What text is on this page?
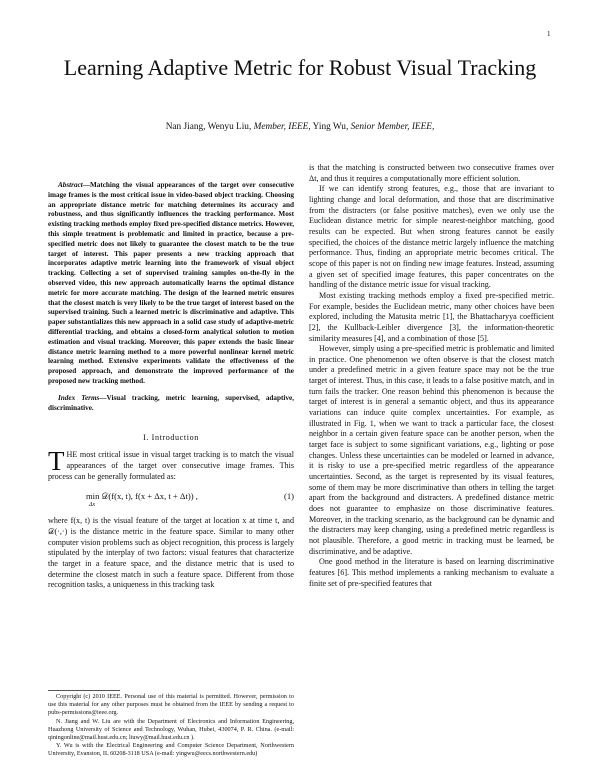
1
Learning Adaptive Metric for Robust Visual Tracking
Nan Jiang, Wenyu Liu, Member, IEEE, Ying Wu, Senior Member, IEEE,

Abstract—Matching the visual appearances of the target over consecutive image frames is the most critical issue in video-based object tracking. Choosing an appropriate distance metric for matching determines its accuracy and robustness, and thus significantly influences the tracking performance. Most existing tracking methods employ fixed pre-specified distance metrics. However, this simple treatment is problematic and limited in practice, because a pre-specified metric does not likely to guarantee the closest match to be the true target of interest. This paper presents a new tracking approach that incorporates adaptive metric learning into the framework of visual object tracking. Collecting a set of supervised training samples on-the-fly in the observed video, this new approach automatically learns the optimal distance metric for more accurate matching. The design of the learned metric ensures that the closest match is very likely to be the true target of interest based on the supervised training. Such a learned metric is discriminative and adaptive. This paper substantializes this new approach in a solid case study of adaptive-metric differential tracking, and obtains a closed-form analytical solution to motion estimation and visual tracking. Moreover, this paper extends the basic linear distance metric learning method to a more powerful nonlinear kernel metric learning method. Extensive experiments validate the effectiveness of the proposed approach, and demonstrate the improved performance of the proposed new tracking method.

Index Terms—Visual tracking, metric learning, supervised, adaptive, discriminative.

I. Introduction

THE most critical issue in visual target tracking is to match the visual appearances of the target over consecutive image frames. This process can be generally formulated as:

min 𝒟(f(x, t), f(x + Δx, t + Δt)) ,
Δx
(1)

where f(x, t) is the visual feature of the target at location x at time t, and 𝒟(·,·) is the distance metric in the feature space. Similar to many other computer vision problems such as object recognition, this process is largely stipulated by the interplay of two factors: visual features that characterize the target in a feature space, and the distance metric that is used to determine the closest match in such a feature space. Different from those recognition tasks, a uniqueness in this tracking task

is that the matching is constructed between two consecutive frames over Δt, and thus it requires a computationally more efficient solution.

If we can identify strong features, e.g., those that are invariant to lighting change and local deformation, and those that are discriminative from the distracters (or false positive matches), even we only use the Euclidean distance metric for simple nearest-neighbor matching, good results can be expected. But when strong features cannot be easily specified, the choices of the distance metric largely influence the matching performance. Thus, finding an appropriate metric becomes critical. The scope of this paper is not on finding new image features. Instead, assuming a given set of specified image features, this paper concentrates on the handling of the distance metric issue for visual tracking.

Most existing tracking methods employ a fixed pre-specified metric. For example, besides the Euclidean metric, many other choices have been explored, including the Matusita metric [1], the Bhattacharyya coefficient [2], the Kullback-Leibler divergence [3], the information-theoretic similarity measures [4], and a combination of those [5].

However, simply using a pre-specified metric is problematic and limited in practice. One phenomenon we often observe is that the closest match under a predefined metric in a given feature space may not be the true target of interest. Thus, in this case, it leads to a false positive match, and in turn fails the tracker. One reason behind this phenomenon is because the target of interest is in general a semantic object, and thus its appearance variations can induce quite complex uncertainties. For example, as illustrated in Fig. 1, when we want to track a particular face, the closest neighbor in a certain given feature space can be another person, when the target face is subject to some significant variations, e.g., lighting or pose changes. Unless these uncertainties can be modeled or learned in advance, it is risky to use a pre-specified metric regardless of the appearance uncertainties. Second, as the target is represented by its visual features, some of them may be more discriminative than others in telling the target apart from the background and distracters. A predefined distance metric does not guarantee to emphasize on those discriminative features. Moreover, in the tracking scenario, as the background can be dynamic and the distracters may keep changing, using a predefined metric regardless is not plausible. Therefore, a good metric in tracking must be learned, be discriminative, and be adaptive.

One good method in the literature is based on learning discriminative features [6]. This method implements a ranking mechanism to evaluate a finite set of pre-specified features that

Copyright (c) 2010 IEEE. Personal use of this material is permitted. However, permission to use this material for any other purposes must be obtained from the IEEE by sending a request to pubs-permissions@ieee.org.

N. Jiang and W. Liu are with the Department of Electronics and Information Engineering, Huazhong University of Science and Technology, Wuhan, Hubei, 430074, P. R. China. (e-mail: qiningonline@mail.hust.edu.cn; liuwy@mail.hust.edu.cn ).

Y. Wu is with the Electrical Engineering and Computer Science Department, Northwestern University, Evanston, IL 60208-3118 USA (e-mail: yingwu@eecs.northwestern.edu)
